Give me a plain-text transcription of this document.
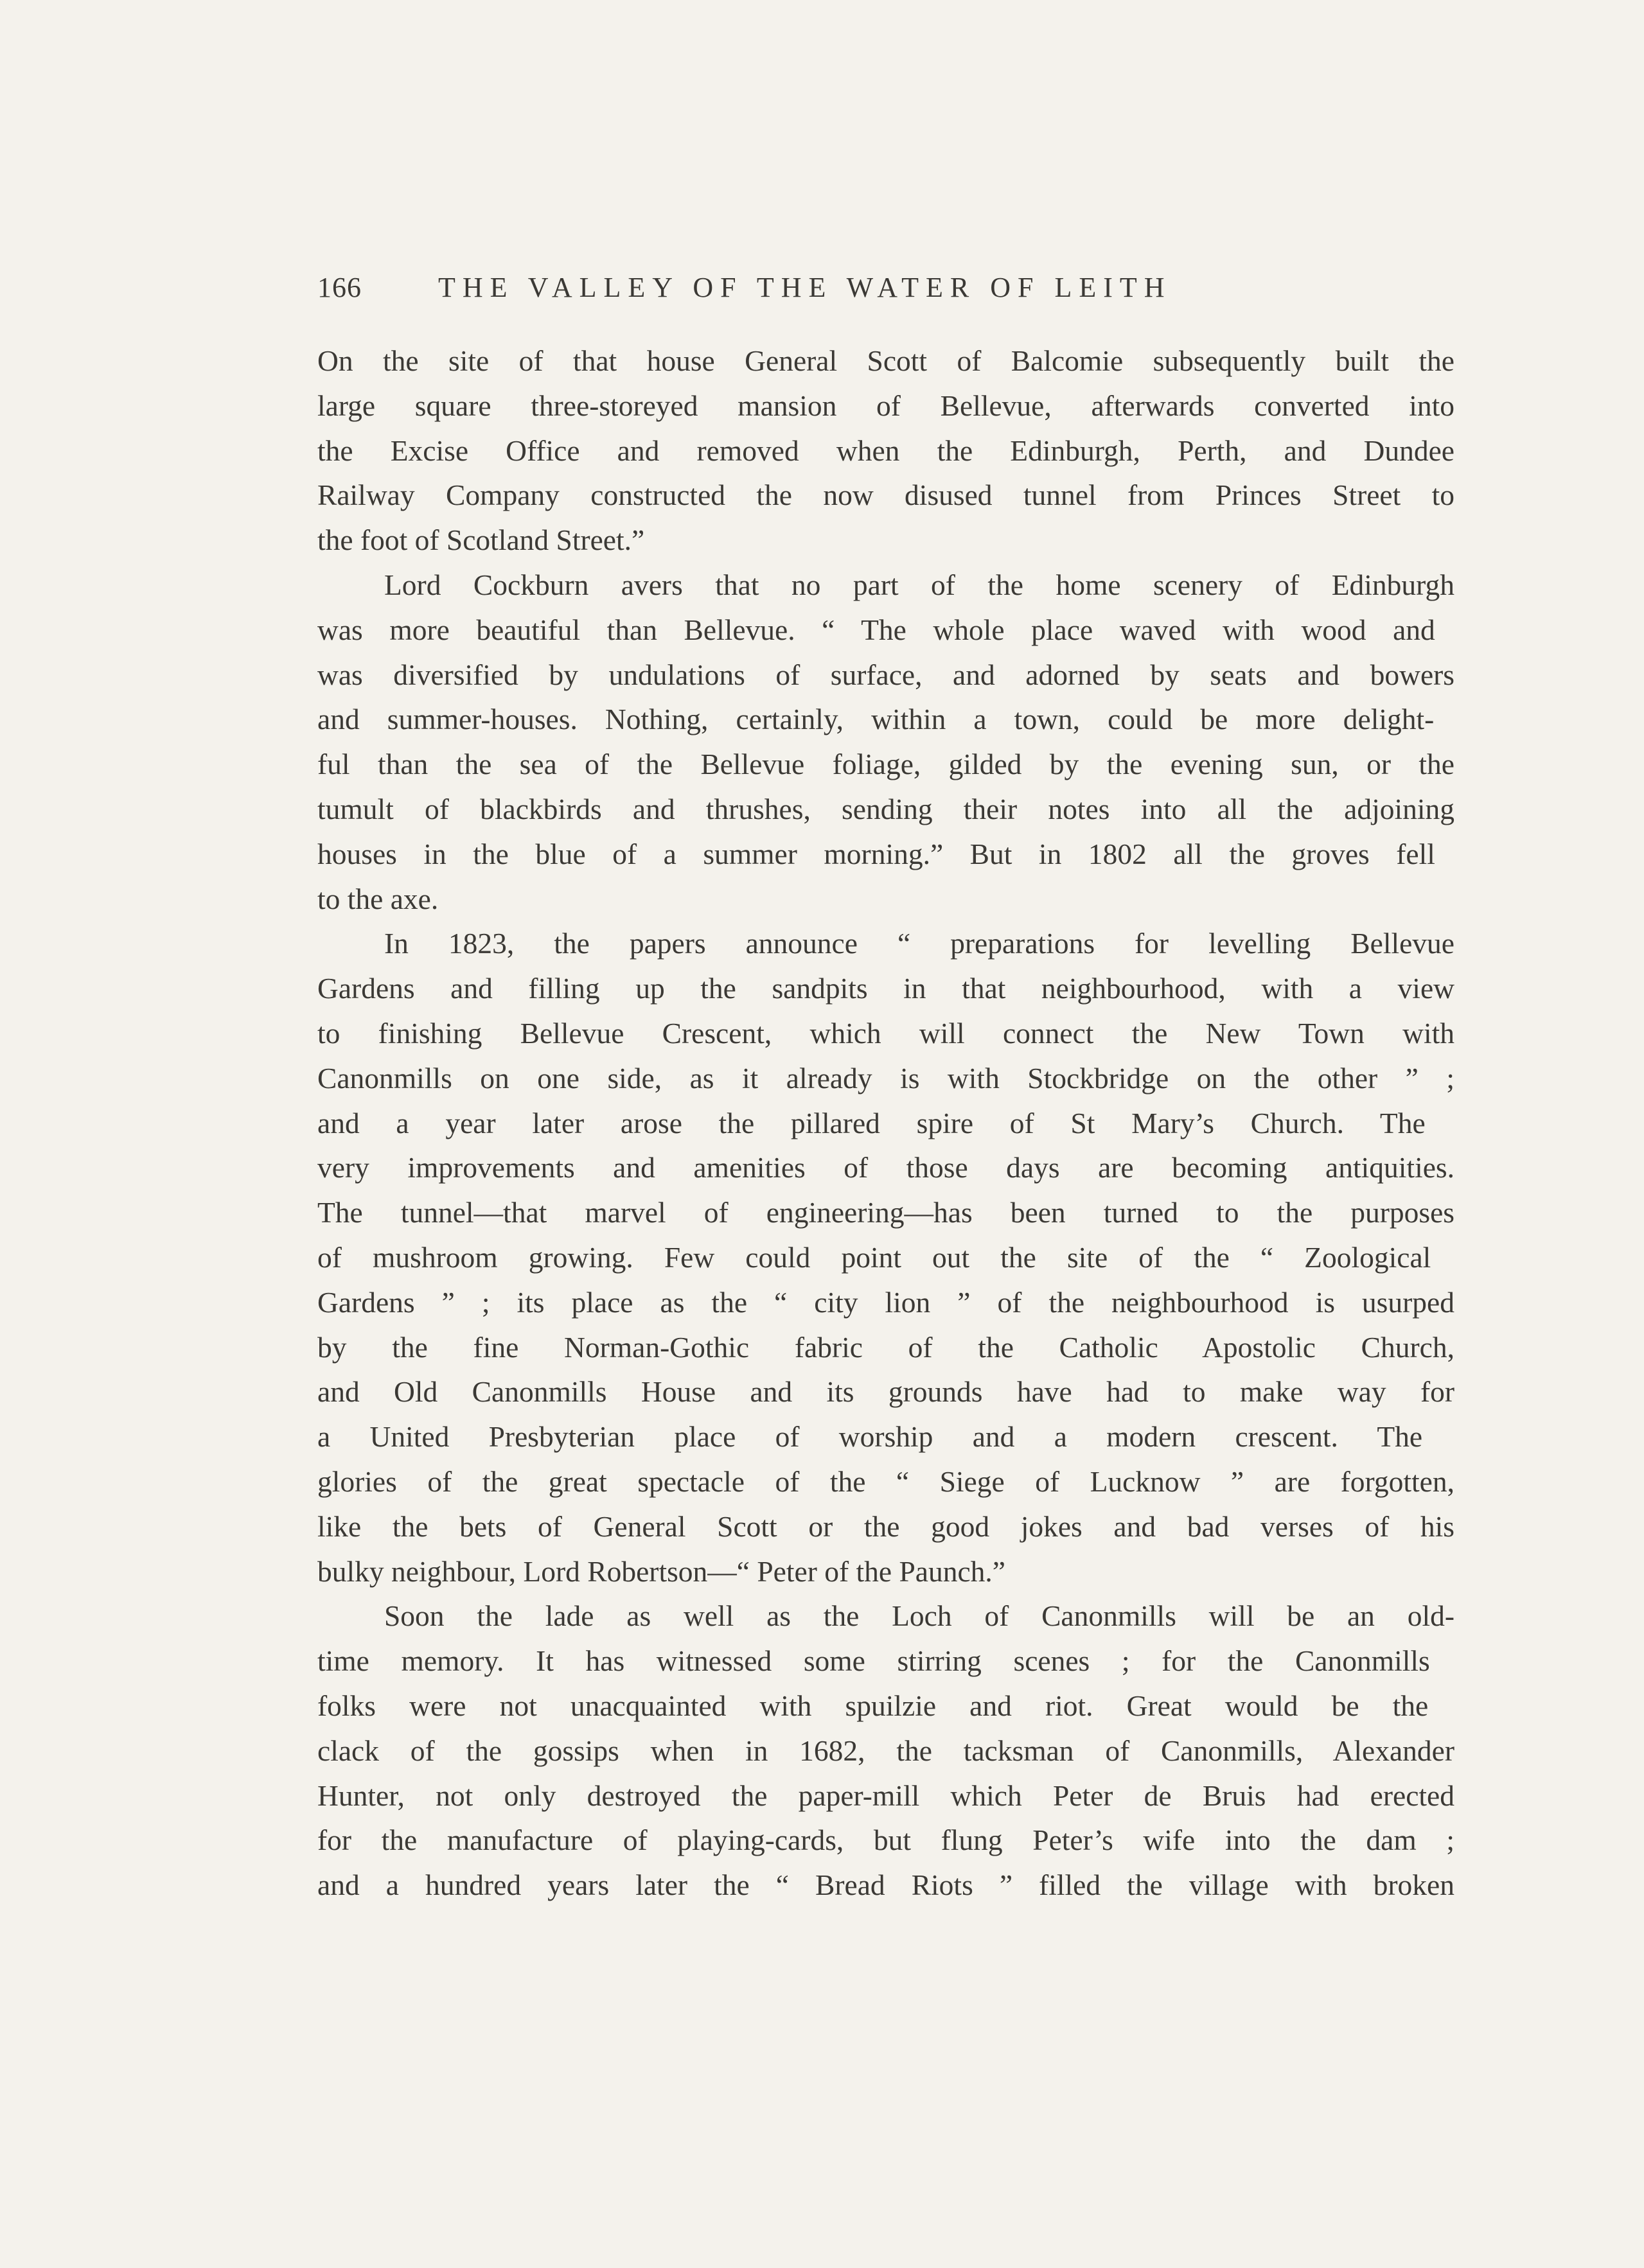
166	THE VALLEY OF THE WATER OF LEITH
On the site of that house General Scott of Balcomie subsequently built the
large square three-storeyed mansion of Bellevue, afterwards converted into
the Excise Office and removed when the Edinburgh, Perth, and Dundee
Railway Company constructed the now disused tunnel from Princes Street to
the foot of Scotland Street.”
Lord Cockburn avers that no part of the home scenery of Edinburgh
was more beautiful than Bellevue. “ The whole place waved with wood and
was diversified by undulations of surface, and adorned by seats and bowers
and summer-houses. Nothing, certainly, within a town, could be more delight-
ful than the sea of the Bellevue foliage, gilded by the evening sun, or the
tumult of blackbirds and thrushes, sending their notes into all the adjoining
houses in the blue of a summer morning.” But in 1802 all the groves fell
to the axe.
In 1823, the papers announce “ preparations for levelling Bellevue
Gardens and filling up the sandpits in that neighbourhood, with a view
to finishing Bellevue Crescent, which will connect the New Town with
Canonmills on one side, as it already is with Stockbridge on the other ” ;
and a year later arose the pillared spire of St Mary’s Church. The
very improvements and amenities of those days are becoming antiquities.
The tunnel—that marvel of engineering—has been turned to the purposes
of mushroom growing. Few could point out the site of the “ Zoological
Gardens ” ; its place as the “ city lion ” of the neighbourhood is usurped
by the fine Norman-Gothic fabric of the Catholic Apostolic Church,
and Old Canonmills House and its grounds have had to make way for
a United Presbyterian place of worship and a modern crescent. The
glories of the great spectacle of the “ Siege of Lucknow ” are forgotten,
like the bets of General Scott or the good jokes and bad verses of his
bulky neighbour, Lord Robertson—“ Peter of the Paunch.”
Soon the lade as well as the Loch of Canonmills will be an old-
time memory. It has witnessed some stirring scenes ; for the Canonmills
folks were not unacquainted with spuilzie and riot. Great would be the
clack of the gossips when in 1682, the tacksman of Canonmills, Alexander
Hunter, not only destroyed the paper-mill which Peter de Bruis had erected
for the manufacture of playing-cards, but flung Peter’s wife into the dam ;
and a hundred years later the “ Bread Riots ” filled the village with broken
